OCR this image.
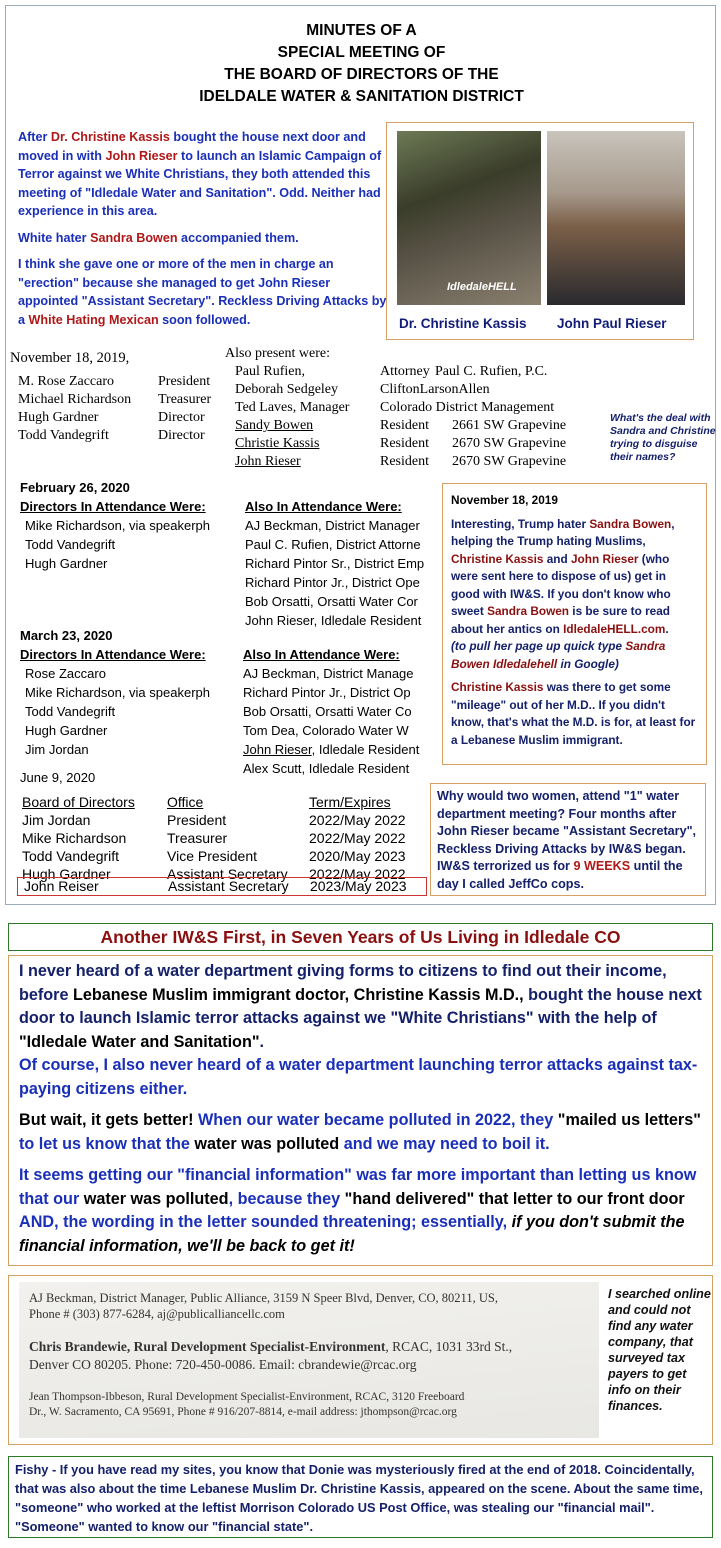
MINUTES OF A
SPECIAL MEETING OF
THE BOARD OF DIRECTORS OF THE
IDELDALE WATER & SANITATION DISTRICT

After Dr. Christine Kassis bought the house next door and moved in with John Rieser to launch an Islamic Campaign of Terror against we White Christians, they both attended this meeting of "Idledale Water and Sanitation". Odd. Neither had experience in this area.

White hater Sandra Bowen accompanied them.

I think she gave one or more of the men in charge an "erection" because she managed to get John Rieser appointed "Assistant Secretary". Reckless Driving Attacks by a White Hating Mexican soon followed.

IdledaleHELL
Dr. Christine Kassis John Paul Rieser
November 18, 2019,
M. Rose Zaccaro	President
Michael Richardson	Treasurer
Hugh Gardner	Director
Todd Vandegrift	Director
Also present were:
Paul Rufien,	Attorney Paul C. Rufien, P.C.
Deborah Sedgeley	CliftonLarsonAllen
Ted Laves, Manager	Colorado District Management
Sandy Bowen	Resident	2661 SW Grapevine
Christie Kassis	Resident	2670 SW Grapevine
John Rieser	Resident	2670 SW Grapevine
What's the deal with Sandra and Christine trying to disguise their names?
February 26, 2020
Directors In Attendance Were:
Mike Richardson, via speakerph
Todd Vandegrift
Hugh Gardner
Also In Attendance Were:
AJ Beckman, District Manager
Paul C. Rufien, District Attorne
Richard Pintor Sr., District Emp
Richard Pintor Jr., District Ope
Bob Orsatti, Orsatti Water Cor
John Rieser, Idledale Resident
March 23, 2020
Directors In Attendance Were:
Rose Zaccaro
Mike Richardson, via speakerph
Todd Vandegrift
Hugh Gardner
Jim Jordan
Also In Attendance Were:
AJ Beckman, District Manage
Richard Pintor Jr., District Op
Bob Orsatti, Orsatti Water Co
Tom Dea, Colorado Water W
John Rieser, Idledale Resident
Alex Scutt, Idledale Resident

November 18, 2019

Interesting, Trump hater Sandra Bowen, helping the Trump hating Muslims, Christine Kassis and John Rieser (who were sent here to dispose of us) get in good with IW&S. If you don't know who sweet Sandra Bowen is be sure to read about her antics on IdledaleHELL.com.
(to pull her page up quick type Sandra Bowen Idledalehell in Google)

Christine Kassis was there to get some "mileage" out of her M.D.. If you didn't know, that's what the M.D. is for, at least for a Lebanese Muslim immigrant.

June 9, 2020
Board of Directors	Office	Term/Expires
Jim Jordan	President	2022/May 2022
Mike Richardson	Treasurer	2022/May 2022
Todd Vandegrift	Vice President	2020/May 2023
Hugh Gardner	Assistant Secretary	2022/May 2022
John Reiser	Assistant Secretary	2023/May 2023
Why would two women, attend "1" water department meeting? Four months after John Rieser became "Assistant Secretary", Reckless Driving Attacks by IW&S began. IW&S terrorized us for 9 WEEKS until the day I called JeffCo cops.
Another IW&S First, in Seven Years of Us Living in Idledale CO

I never heard of a water department giving forms to citizens to find out their income, before Lebanese Muslim immigrant doctor, Christine Kassis M.D., bought the house next door to launch Islamic terror attacks against we "White Christians" with the help of "Idledale Water and Sanitation".
Of course, I also never heard of a water department launching terror attacks against tax-paying citizens either.

But wait, it gets better! When our water became polluted in 2022, they "mailed us letters" to let us know that the water was polluted and we may need to boil it.

It seems getting our "financial information" was far more important than letting us know that our water was polluted, because they "hand delivered" that letter to our front door AND, the wording in the letter sounded threatening; essentially, if you don't submit the financial information, we'll be back to get it!

AJ Beckman, District Manager, Public Alliance, 3159 N Speer Blvd, Denver, CO, 80211, US,
Phone # (303) 877-6284, aj@publicalliancellc.com
Chris Brandewie, Rural Development Specialist-Environment, RCAC, 1031 33rd St.,
Denver CO 80205. Phone: 720-450-0086. Email: cbrandewie@rcac.org
Jean Thompson-Ibbeson, Rural Development Specialist-Environment, RCAC, 3120 Freeboard
Dr., W. Sacramento, CA 95691, Phone # 916/207-8814, e-mail address: jthompson@rcac.org
I searched online and could not find any water company, that surveyed tax payers to get info on their finances.
Fishy - If you have read my sites, you know that Donie was mysteriously fired at the end of 2018. Coincidentally, that was also about the time Lebanese Muslim Dr. Christine Kassis, appeared on the scene. About the same time, "someone" who worked at the leftist Morrison Colorado US Post Office, was stealing our "financial mail". "Someone" wanted to know our "financial state".
